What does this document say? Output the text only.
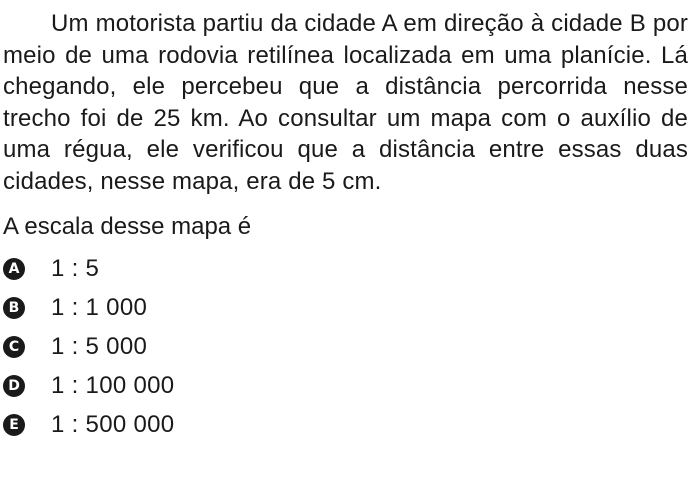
Um motorista partiu da cidade A em direção à cidade B por meio de uma rodovia retilínea localizada em uma planície. Lá chegando, ele percebeu que a distância percorrida nesse trecho foi de 25 km. Ao consultar um mapa com o auxílio de uma régua, ele verificou que a distância entre essas duas cidades, nesse mapa, era de 5 cm.

A escala desse mapa é

A 1 : 5
B 1 : 1 000
C 1 : 5 000
D 1 : 100 000
E 1 : 500 000
